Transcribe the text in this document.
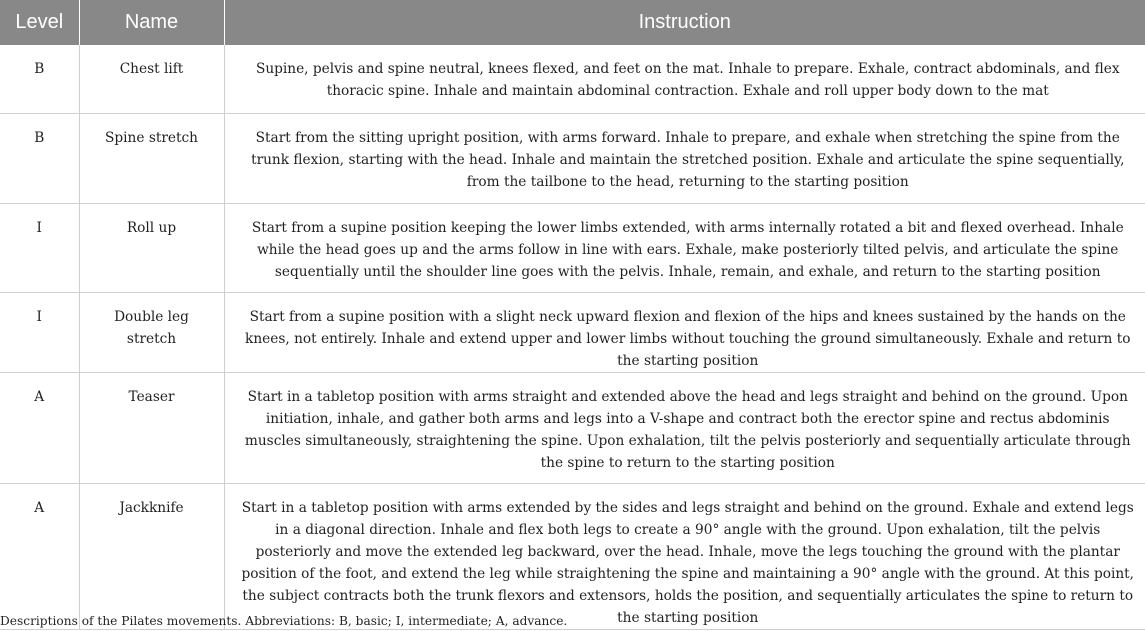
Level	Name	Instruction
B	Chest lift	Supine, pelvis and spine neutral, knees flexed, and feet on the mat. Inhale to prepare. Exhale, contract abdominals, and flex thoracic spine. Inhale and maintain abdominal contraction. Exhale and roll upper body down to the mat
B	Spine stretch	Start from the sitting upright position, with arms forward. Inhale to prepare, and exhale when stretching the spine from the trunk flexion, starting with the head. Inhale and maintain the stretched position. Exhale and articulate the spine sequentially, from the tailbone to the head, returning to the starting position
I	Roll up	Start from a supine position keeping the lower limbs extended, with arms internally rotated a bit and flexed overhead. Inhale while the head goes up and the arms follow in line with ears. Exhale, make posteriorly tilted pelvis, and articulate the spine sequentially until the shoulder line goes with the pelvis. Inhale, remain, and exhale, and return to the starting position
I	Double leg stretch	Start from a supine position with a slight neck upward flexion and flexion of the hips and knees sustained by the hands on the knees, not entirely. Inhale and extend upper and lower limbs without touching the ground simultaneously. Exhale and return to the starting position
A	Teaser	Start in a tabletop position with arms straight and extended above the head and legs straight and behind on the ground. Upon initiation, inhale, and gather both arms and legs into a V-shape and contract both the erector spine and rectus abdominis muscles simultaneously, straightening the spine. Upon exhalation, tilt the pelvis posteriorly and sequentially articulate through the spine to return to the starting position
A	Jackknife	Start in a tabletop position with arms extended by the sides and legs straight and behind on the ground. Exhale and extend legs in a diagonal direction. Inhale and flex both legs to create a 90° angle with the ground. Upon exhalation, tilt the pelvis posteriorly and move the extended leg backward, over the head. Inhale, move the legs touching the ground with the plantar position of the foot, and extend the leg while straightening the spine and maintaining a 90° angle with the ground. At this point, the subject contracts both the trunk flexors and extensors, holds the position, and sequentially articulates the spine to return to the starting position

Descriptions of the Pilates movements. Abbreviations: B, basic; I, intermediate; A, advance.
